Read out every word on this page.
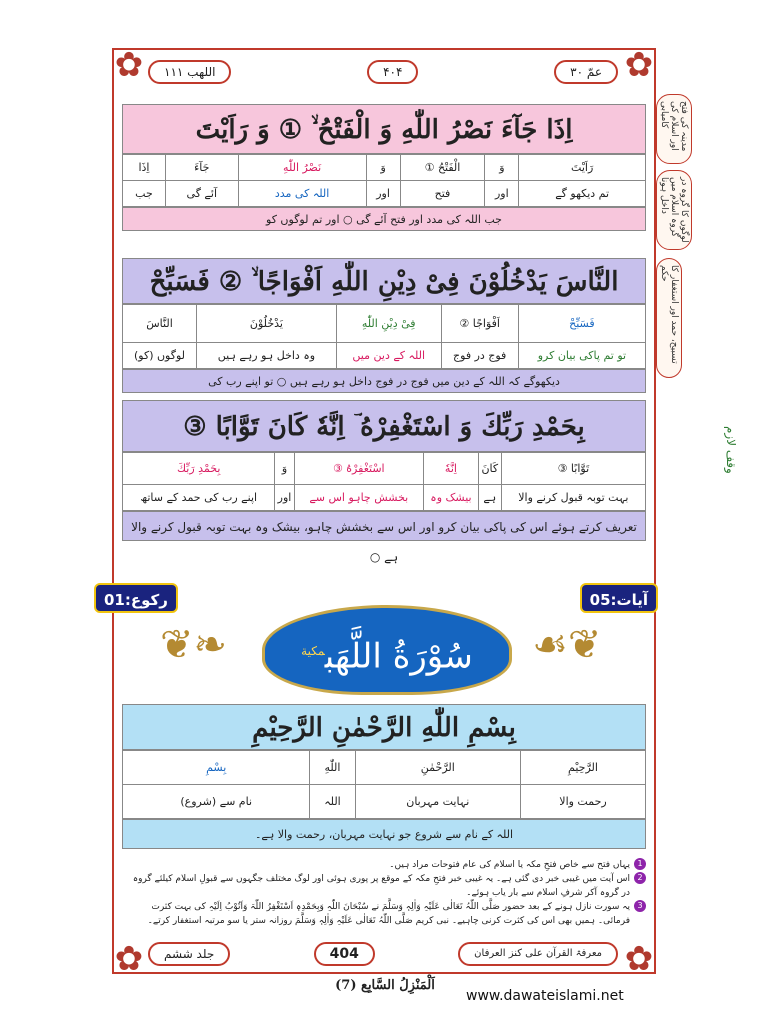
✿	✿
✿	✿
اللھب ۱۱۱	۴۰۴	عمّ ۳۰
مدینہ کی فتح اور اسلام کی کامیابی
لوگوں کا گروہ در گروہ اسلام میں داخل ہونا
تسبیح، حمد اور استغفار کا حکم
وقف لازم
اِذَا جَآءَ نَصْرُ اللّٰهِ وَ الْفَتْحُ ۙ ① وَ رَاَیْتَ
اِذَا	جَآءَ	نَصْرُ اللّٰهِ	وَ	الْفَتْحُ ①	وَ	رَاَیْتَ
جب	آئے گی	اللہ کی مدد	اور	فتح	اور	تم دیکھو گے
جب اللہ کی مدد اور فتح آئے گی ○ اور تم لوگوں کو
النَّاسَ یَدْخُلُوْنَ فِیْ دِیْنِ اللّٰهِ اَفْوَاجًا ۙ ② فَسَبِّحْ
النَّاسَ	یَدْخُلُوْنَ	فِیْ دِیْنِ اللّٰهِ	اَفْوَاجًا ②	فَسَبِّحْ
لوگوں (کو)	وہ داخل ہو رہے ہیں	اللہ کے دین میں	فوج در فوج	تو تم پاکی بیان کرو
دیکھوگے کہ اللہ کے دین میں فوج در فوج داخل ہو رہے ہیں ○ تو اپنے رب کی
بِحَمْدِ رَبِّكَ وَ اسْتَغْفِرْهُ ؔ اِنَّهٗ كَانَ تَوَّابًا ③
بِحَمْدِ رَبِّكَ	وَ	اسْتَغْفِرْهُ ③	اِنَّهٗ	كَانَ	تَوَّابًا ③
اپنے رب کی حمد کے ساتھ	اور	بخشش چاہو اس سے	بیشک وہ	ہے	بہت توبہ قبول کرنے والا
تعریف کرتے ہوئے اس کی پاکی بیان کرو اور اس سے بخشش چاہو، بیشک وہ بہت توبہ قبول کرنے والا ہے ○
آیات:05
رکوع:01
❦❧	☙❦
سُوْرَةُ اللَّهَب$^{مکیة}$
بِسْمِ اللّٰهِ الرَّحْمٰنِ الرَّحِیْمِ
بِسْمِ	اللّٰهِ	الرَّحْمٰنِ	الرَّحِیْمِ
نام سے (شروع)	اللہ	نہایت مہربان	رحمت والا
اللہ کے نام سے شروع جو نہایت مہربان، رحمت والا ہے۔
1
یہاں فتح سے خاص فتحِ مکہ یا اسلام کی عام فتوحات مراد ہیں۔
2
اس آیت میں غیبی خبر دی گئی ہے۔ یہ غیبی خبر فتحِ مکہ کے موقع پر پوری ہوئی اور لوگ مختلف جگہوں سے قبولِ اسلام کیلئے گروہ در گروہ آکر شرفِ اسلام سے بار یاب ہوئے۔
3
یہ سورت نازل ہونے کے بعد حضور صَلَّی اللّٰہُ تَعَالٰی عَلَیْہِ وَاٰلِہٖ وَسَلَّمَ نے سُبْحَانَ اللّٰہِ وَبِحَمْدِہٖ اَسْتَغْفِرُ اللّٰہَ وَاَتُوْبُ اِلَیْہِ کی بہت کثرت فرمائی۔ ہمیں بھی اس کی کثرت کرنی چاہیے۔ نبی کریم صَلَّی اللّٰہُ تَعَالٰی عَلَیْہِ وَاٰلِہٖ وَسَلَّمَ روزانہ ستر یا سو مرتبہ استغفار کرتے۔
جلد ششم	404	معرفۃ القرآن علی کنز العرفان
اَلْمَنْزِلُ السَّابِع (7)
www.dawateislami.net
